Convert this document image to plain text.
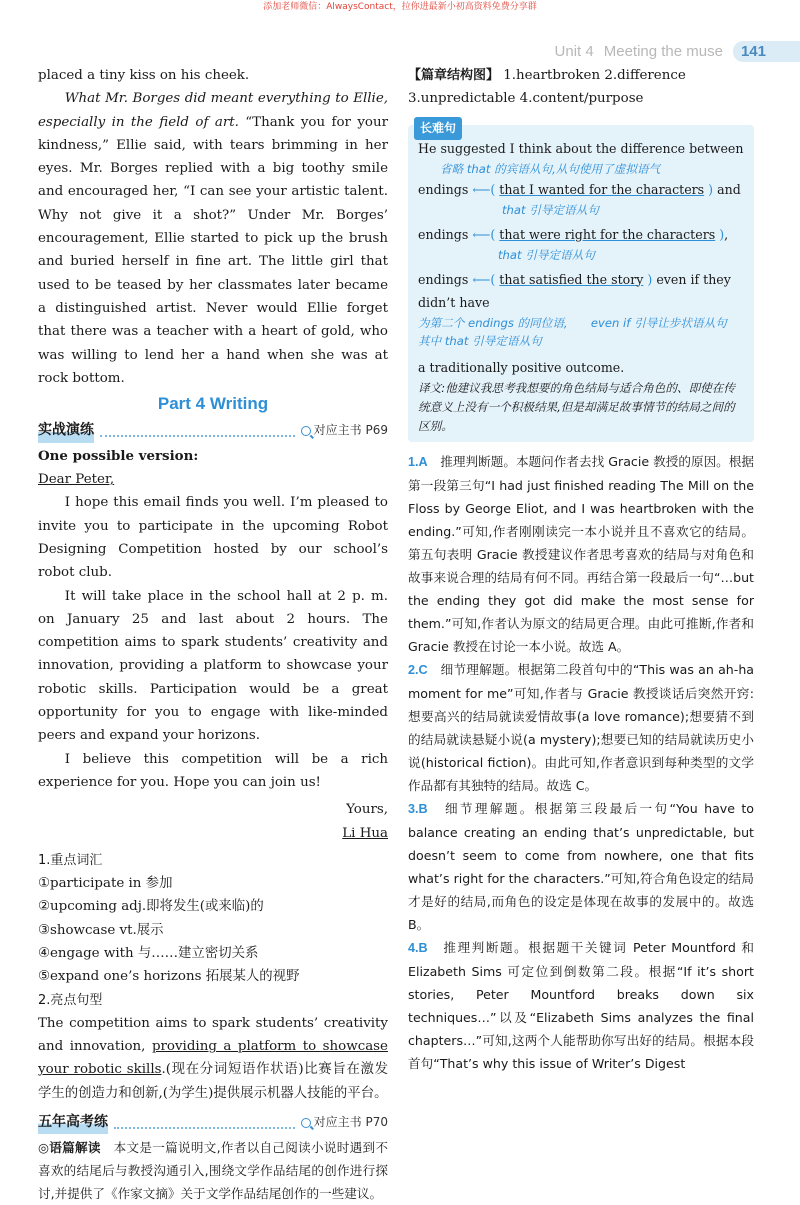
添加老师微信：AlwaysContact，拉你进最新小初高资料免费分享群
Unit 4 Meeting the muse	141

placed a tiny kiss on his cheek.

What Mr. Borges did meant everything to Ellie, especially in the field of art. “Thank you for your kindness,” Ellie said, with tears brimming in her eyes. Mr. Borges replied with a big toothy smile and encouraged her, “I can see your artistic talent. Why not give it a shot?” Under Mr. Borges’ encouragement, Ellie started to pick up the brush and buried herself in fine art. The little girl that used to be teased by her classmates later became a distinguished artist. Never would Ellie forget that there was a teacher with a heart of gold, who was willing to lend her a hand when she was at rock bottom.

Part 4 Writing
实战演练	对应主书 P69

One possible version:

Dear Peter,

I hope this email finds you well. I’m pleased to invite you to participate in the upcoming Robot Designing Competition hosted by our school’s robot club.

It will take place in the school hall at 2 p. m. on January 25 and last about 2 hours. The competition aims to spark students’ creativity and innovation, providing a platform to showcase your robotic skills. Participation would be a great opportunity for you to engage with like-minded peers and expand your horizons.

I believe this competition will be a rich experience for you. Hope you can join us!

Yours,

Li Hua

1.重点词汇

①participate in 参加

②upcoming adj.即将发生(或来临)的

③showcase vt.展示

④engage with 与……建立密切关系

⑤expand one’s horizons 拓展某人的视野

2.亮点句型

The competition aims to spark students’ creativity and innovation, providing a platform to showcase your robotic skills.(现在分词短语作状语)比赛旨在激发学生的创造力和创新,(为学生)提供展示机器人技能的平台。

五年高考练	对应主书 P70

◎语篇解读　 本文是一篇说明文,作者以自己阅读小说时遇到不喜欢的结尾后与教授沟通引入,围绕文学作品结尾的创作进行探讨,并提供了《作家文摘》关于文学作品结尾创作的一些建议。

【篇章结构图】 1.heartbroken 2.difference

3.unpredictable 4.content/purpose

长难句
He suggested I think about the difference between
省略 that 的宾语从句,从句使用了虚拟语气
endings ⟵( that I wanted for the characters ) and
that 引导定语从句
endings ⟵( that were right for the characters ),
that 引导定语从句
endings ⟵( that satisfied the story ) even if they didn’t have
为第二个 endings 的同位语,　　 even if 引导让步状语从句
其中 that 引导定语从句
a traditionally positive outcome.
译文:他建议我思考我想要的角色结局与适合角色的、即使在传统意义上没有一个积极结果,但是却满足故事情节的结局之间的区别。

1.A　 推理判断题。本题问作者去找 Gracie 教授的原因。根据第一段第三句“I had just finished reading The Mill on the Floss by George Eliot, and I was heartbroken with the ending.”可知,作者刚刚读完一本小说并且不喜欢它的结局。第五句表明 Gracie 教授建议作者思考喜欢的结局与对角色和故事来说合理的结局有何不同。再结合第一段最后一句“…but the ending they got did make the most sense for them.”可知,作者认为原文的结局更合理。由此可推断,作者和 Gracie 教授在讨论一本小说。故选 A。

2.C　 细节理解题。根据第二段首句中的“This was an ah-ha moment for me”可知,作者与 Gracie 教授谈话后突然开窍:想要高兴的结局就读爱情故事(a love romance);想要猜不到的结局就读悬疑小说(a mystery);想要已知的结局就读历史小说(historical fiction)。由此可知,作者意识到每种类型的文学作品都有其独特的结局。故选 C。

3.B　 细节理解题。根据第三段最后一句“You have to balance creating an ending that’s unpredictable, but doesn’t seem to come from nowhere, one that fits what’s right for the characters.”可知,符合角色设定的结局才是好的结局,而角色的设定是体现在故事的发展中的。故选 B。

4.B　 推理判断题。根据题干关键词 Peter Mountford 和 Elizabeth Sims 可定位到倒数第二段。根据“If it’s short stories, Peter Mountford breaks down six techniques…”以及“Elizabeth Sims analyzes the final chapters…”可知,这两个人能帮助你写出好的结局。根据本段首句“That’s why this issue of Writer’s Digest
